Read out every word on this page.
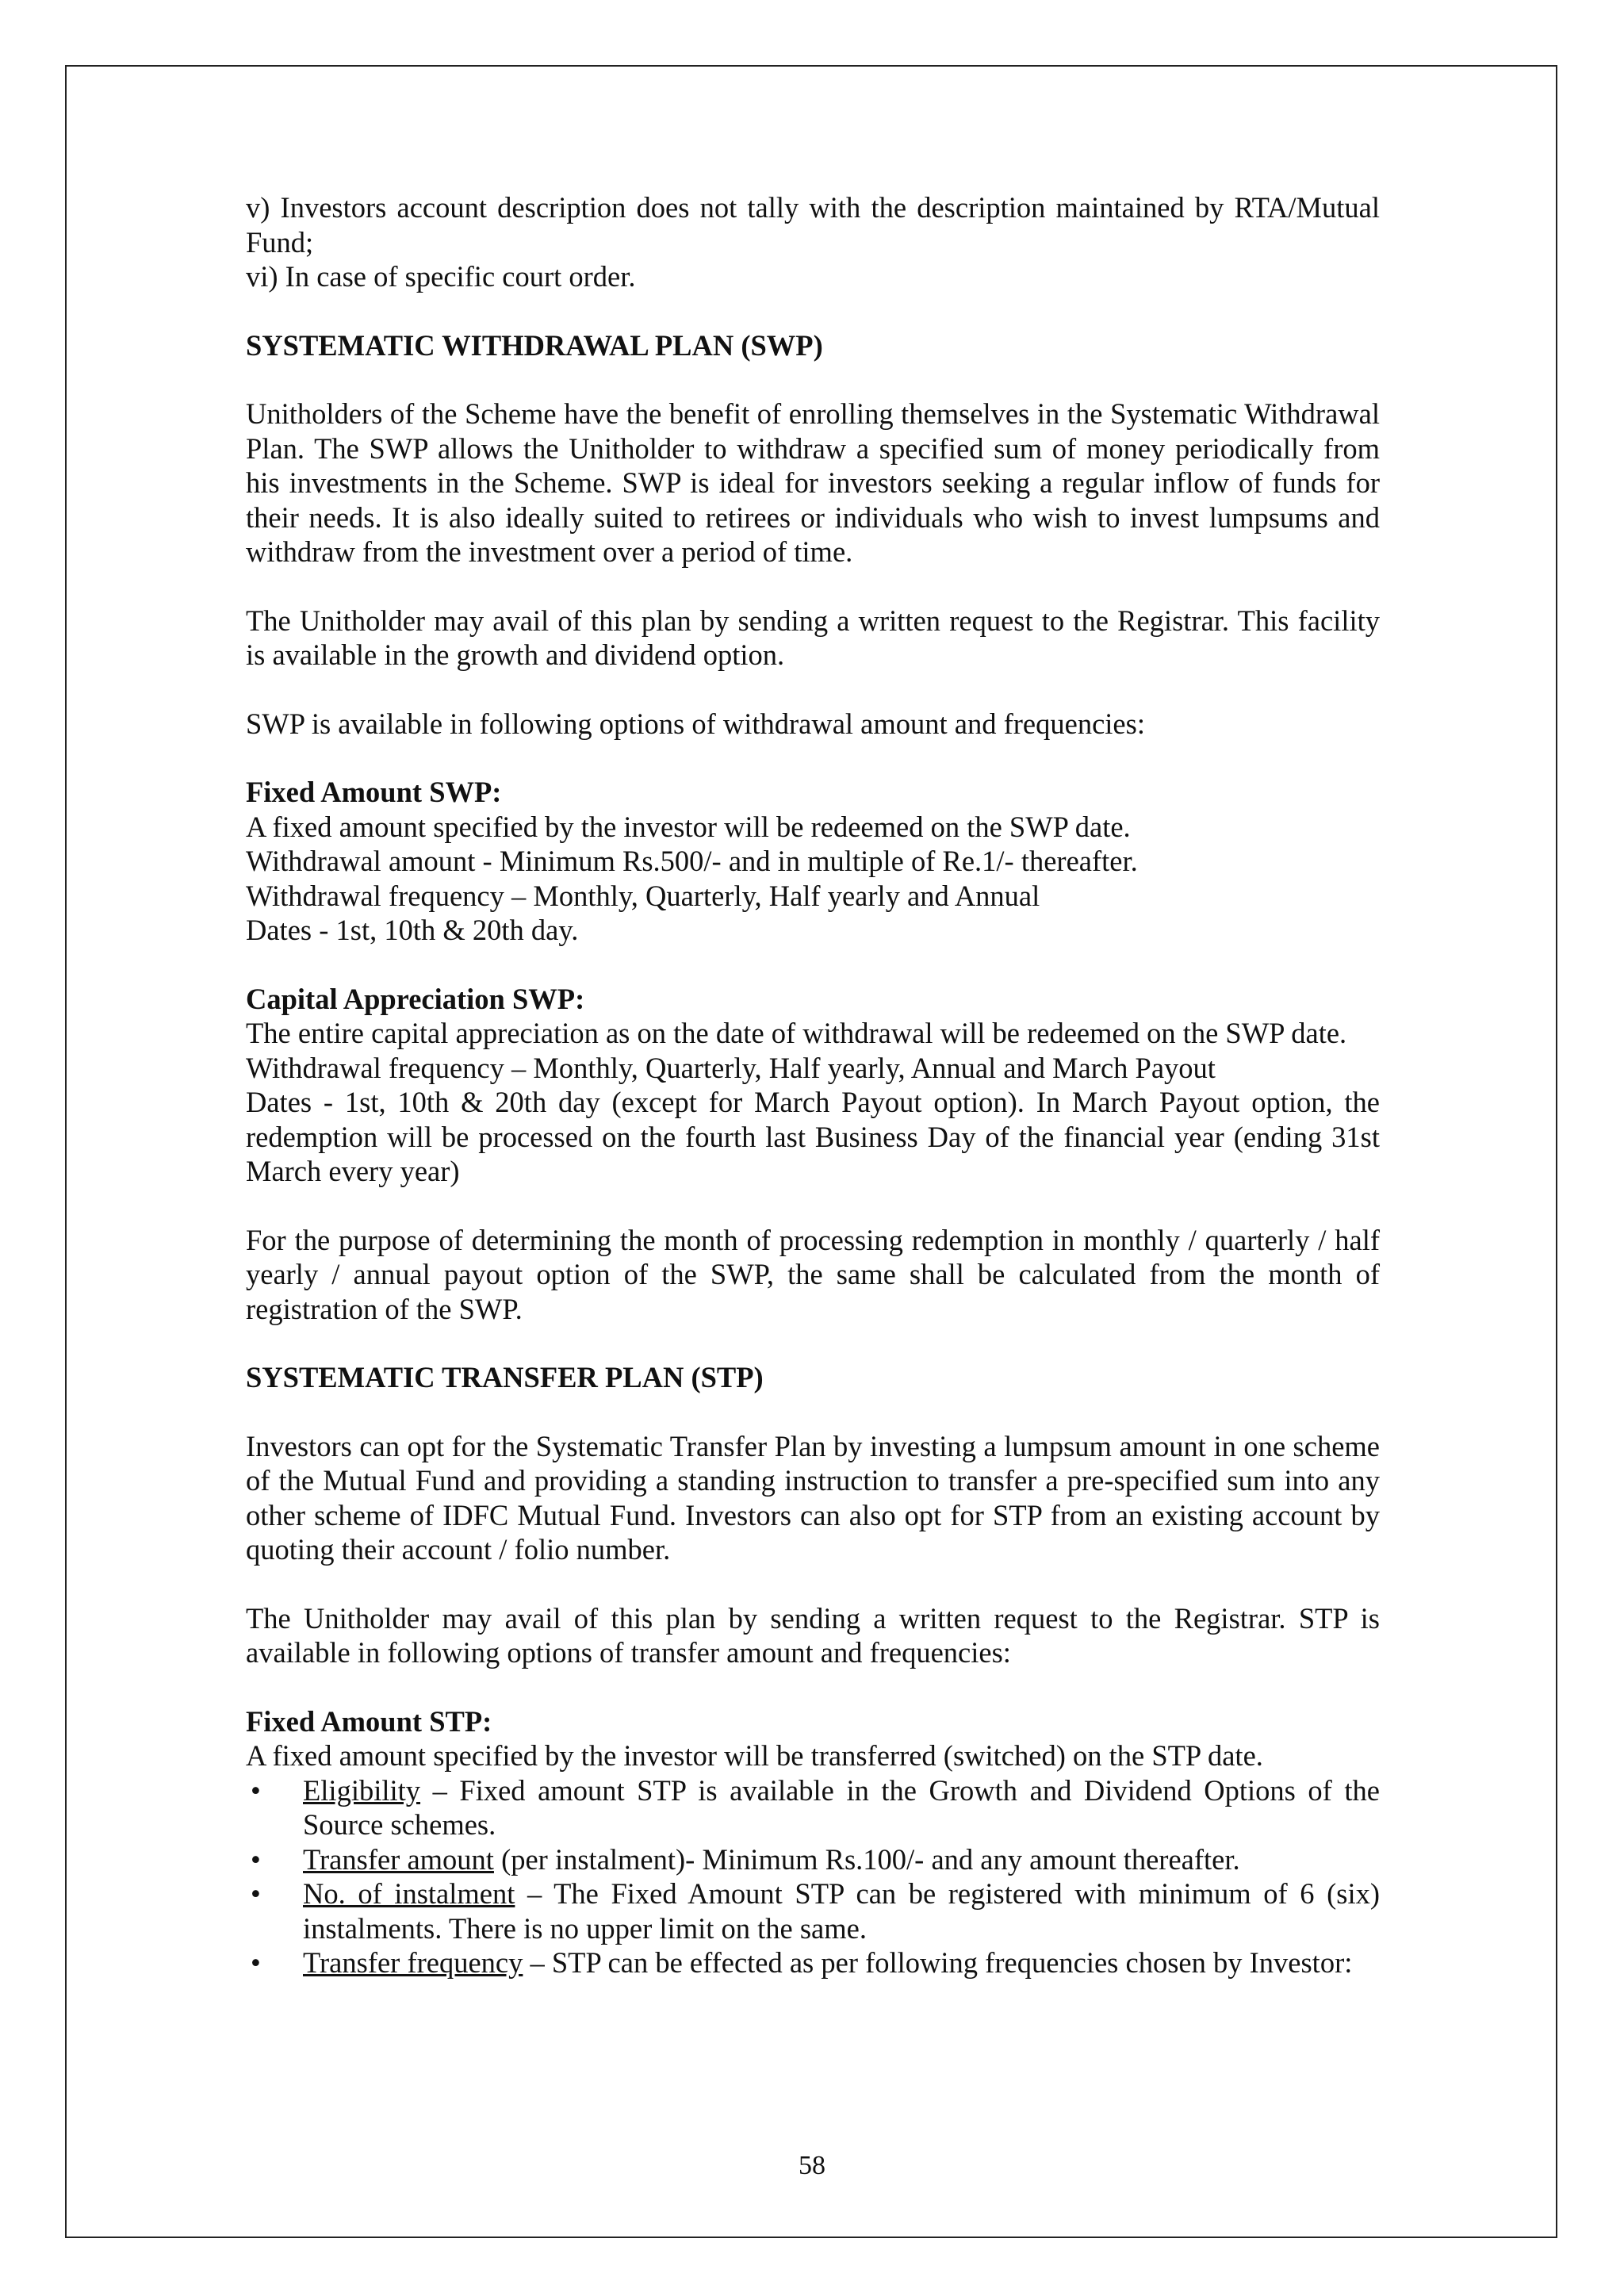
v) Investors account description does not tally with the description maintained by RTA/Mutual Fund;

vi) In case of specific court order.

SYSTEMATIC WITHDRAWAL PLAN (SWP)

Unitholders of the Scheme have the benefit of enrolling themselves in the Systematic Withdrawal Plan. The SWP allows the Unitholder to withdraw a specified sum of money periodically from his investments in the Scheme. SWP is ideal for investors seeking a regular inflow of funds for their needs. It is also ideally suited to retirees or individuals who wish to invest lumpsums and withdraw from the investment over a period of time.

The Unitholder may avail of this plan by sending a written request to the Registrar. This facility is available in the growth and dividend option.

SWP is available in following options of withdrawal amount and frequencies:

Fixed Amount SWP:

A fixed amount specified by the investor will be redeemed on the SWP date.

Withdrawal amount - Minimum Rs.500/- and in multiple of Re.1/- thereafter.

Withdrawal frequency – Monthly, Quarterly, Half yearly and Annual

Dates - 1st, 10th & 20th day.

Capital Appreciation SWP:

The entire capital appreciation as on the date of withdrawal will be redeemed on the SWP date.

Withdrawal frequency – Monthly, Quarterly, Half yearly, Annual and March Payout

Dates - 1st, 10th & 20th day (except for March Payout option). In March Payout option, the redemption will be processed on the fourth last Business Day of the financial year (ending 31st March every year)

For the purpose of determining the month of processing redemption in monthly / quarterly / half yearly / annual payout option of the SWP, the same shall be calculated from the month of registration of the SWP.

SYSTEMATIC TRANSFER PLAN (STP)

Investors can opt for the Systematic Transfer Plan by investing a lumpsum amount in one scheme of the Mutual Fund and providing a standing instruction to transfer a pre-specified sum into any other scheme of IDFC Mutual Fund. Investors can also opt for STP from an existing account by quoting their account / folio number.

The Unitholder may avail of this plan by sending a written request to the Registrar. STP is available in following options of transfer amount and frequencies:

Fixed Amount STP:

A fixed amount specified by the investor will be transferred (switched) on the STP date.

• Eligibility – Fixed amount STP is available in the Growth and Dividend Options of the Source schemes.
• Transfer amount (per instalment)- Minimum Rs.100/- and any amount thereafter.
• No. of instalment – The Fixed Amount STP can be registered with minimum of 6 (six) instalments. There is no upper limit on the same.
• Transfer frequency – STP can be effected as per following frequencies chosen by Investor:
58
